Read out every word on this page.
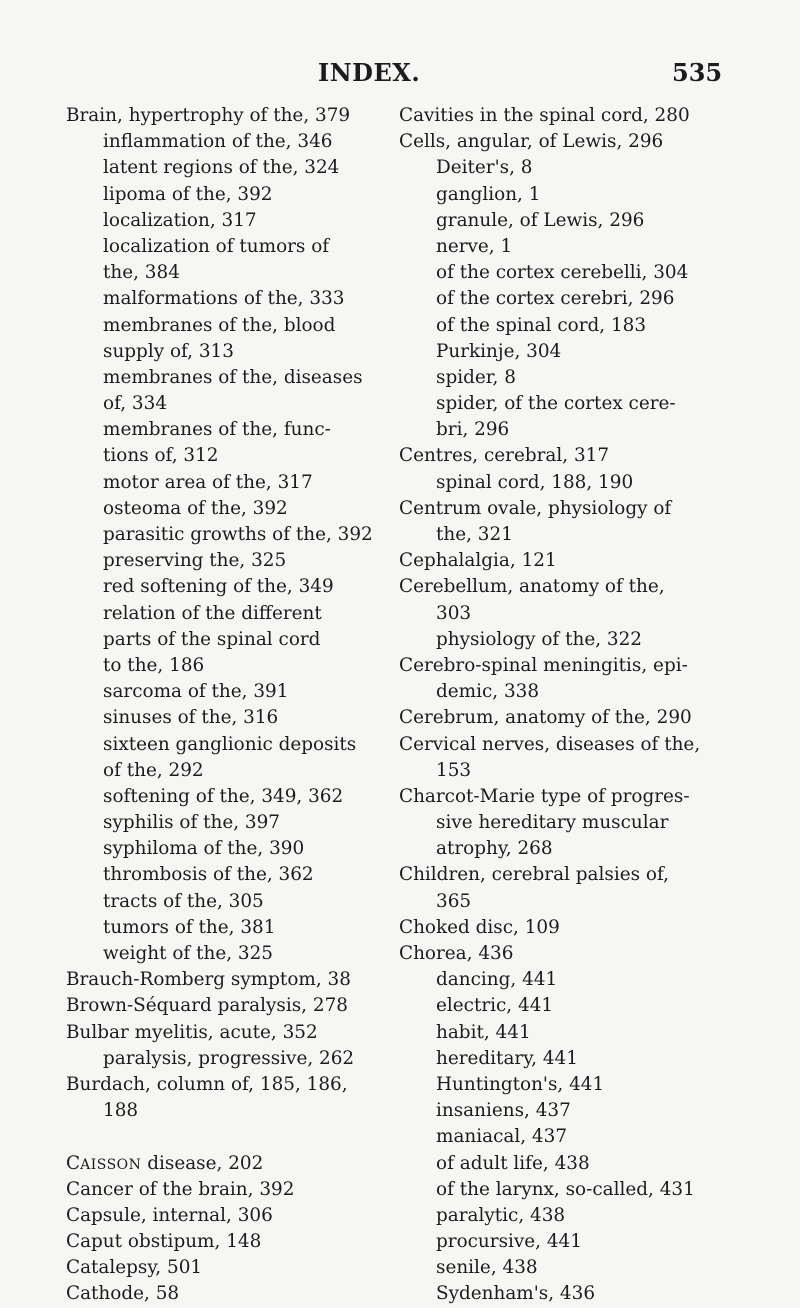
INDEX.	535
Brain, hypertrophy of the, 379
inflammation of the, 346
latent regions of the, 324
lipoma of the, 392
localization, 317
localization of tumors of
the, 384
malformations of the, 333
membranes of the, blood
supply of, 313
membranes of the, diseases
of, 334
membranes of the, func-
tions of, 312
motor area of the, 317
osteoma of the, 392
parasitic growths of the, 392
preserving the, 325
red softening of the, 349
relation of the different
parts of the spinal cord
to the, 186
sarcoma of the, 391
sinuses of the, 316
sixteen ganglionic deposits
of the, 292
softening of the, 349, 362
syphilis of the, 397
syphiloma of the, 390
thrombosis of the, 362
tracts of the, 305
tumors of the, 381
weight of the, 325
Brauch-Romberg symptom, 38
Brown-Séquard paralysis, 278
Bulbar myelitis, acute, 352
paralysis, progressive, 262
Burdach, column of, 185, 186,
188
CAISSON disease, 202
Cancer of the brain, 392
Capsule, internal, 306
Caput obstipum, 148
Catalepsy, 501
Cathode, 58
Cavities in the spinal cord, 280
Cells, angular, of Lewis, 296
Deiter's, 8
ganglion, 1
granule, of Lewis, 296
nerve, 1
of the cortex cerebelli, 304
of the cortex cerebri, 296
of the spinal cord, 183
Purkinje, 304
spider, 8
spider, of the cortex cere-
bri, 296
Centres, cerebral, 317
spinal cord, 188, 190
Centrum ovale, physiology of
the, 321
Cephalalgia, 121
Cerebellum, anatomy of the,
303
physiology of the, 322
Cerebro-spinal meningitis, epi-
demic, 338
Cerebrum, anatomy of the, 290
Cervical nerves, diseases of the,
153
Charcot-Marie type of progres-
sive hereditary muscular
atrophy, 268
Children, cerebral palsies of,
365
Choked disc, 109
Chorea, 436
dancing, 441
electric, 441
habit, 441
hereditary, 441
Huntington's, 441
insaniens, 437
maniacal, 437
of adult life, 438
of the larynx, so-called, 431
paralytic, 438
procursive, 441
senile, 438
Sydenham's, 436
